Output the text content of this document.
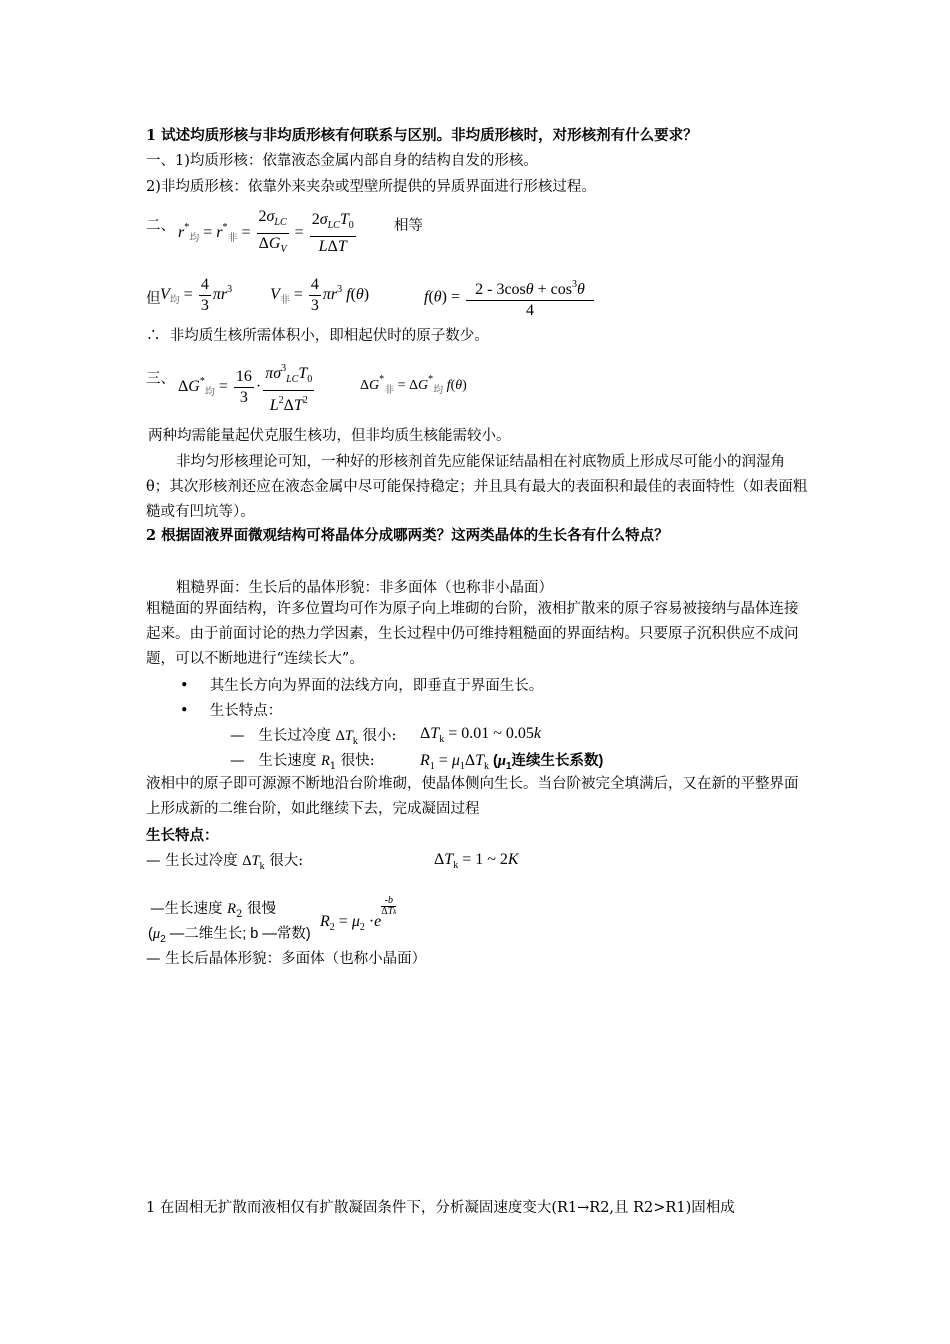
1 试述均质形核与非均质形核有何联系与区别。非均质形核时，对形核剂有什么要求？
一、1)均质形核：依靠液态金属内部自身的结构自发的形核。
2)非均质形核：依靠外来夹杂或型壁所提供的异质界面进行形核过程。
二、 $r^*_均 = r^*_非 = \frac{2\sigma_{LC}}{\Delta G_V} = \frac{2\sigma_{LC}T_0}{\text{LΔT}}$	相等
但 $V_均 = \frac{4}{3} \pi r^3$ $V_非 = \frac{4}{3} \pi r^3$ f(θ)	$f(\theta) = \frac{2 - 3\cos\theta + \cos^3\theta}{4}$
∴ 非均质生核所需体积小，即相起伏时的原子数少。
三、 $\Delta G^*_均 = \frac{16}{3} \cdot \frac{\pi\sigma^3_{LC}T_0}{L^2\Delta T^2}$	$\Delta G^*_非 = \Delta G^*_均$ f(θ)
两种均需能量起伏克服生核功，但非均质生核能需较小。
非均匀形核理论可知，一种好的形核剂首先应能保证结晶相在衬底物质上形成尽可能小的润湿角 θ；其次形核剂还应在液态金属中尽可能保持稳定；并且具有最大的表面积和最佳的表面特性（如表面粗糙或有凹坑等）。
2 根据固液界面微观结构可将晶体分成哪两类？这两类晶体的生长各有什么特点？
粗糙界面：生长后的晶体形貌：非多面体（也称非小晶面）
粗糙面的界面结构，许多位置均可作为原子向上堆砌的台阶，液相扩散来的原子容易被接纳与晶体连接起来。由于前面讨论的热力学因素，生长过程中仍可维持粗糙面的界面结构。只要原子沉积供应不成问题，可以不断地进行“连续长大”。
• 其生长方向为界面的法线方向，即垂直于界面生长。
• 生长特点：
— 生长过冷度 $\Delta T_k$ 很小: $\Delta T_k = 0.01$ ~ 0.05k
— 生长速度 $R_1$ 很快:	$R_1 = \mu_1\Delta T_k$ ($\mu_1$连续生长系数)
液相中的原子即可源源不断地沿台阶堆砌，使晶体侧向生长。当台阶被完全填满后，又在新的平整界面上形成新的二维台阶，如此继续下去，完成凝固过程
生长特点：
— 生长过冷度 $\Delta T_k$ 很大:	$\Delta T_k = 1$ ~ 2K
—生长速度 $R_2$ 很慢
$R_2 = \mu_2 \cdot e$
-b
ΔTk
($\mu_2$ —二维生长; b —常数)
— 生长后晶体形貌：多面体（也称小晶面）
1 在固相无扩散而液相仅有扩散凝固条件下，分析凝固速度变大(R1→R2,且 R2>R1)固相成
